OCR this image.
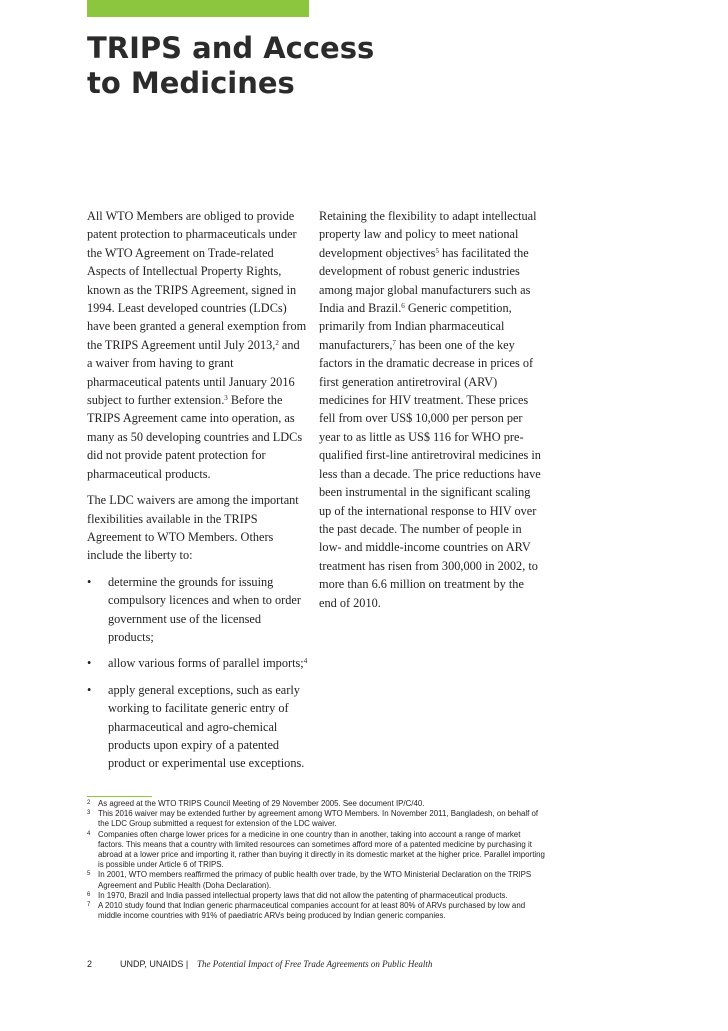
TRIPS and Access
to Medicines

All WTO Members are obliged to provide patent protection to pharmaceuticals under the WTO Agreement on Trade-related Aspects of Intellectual Property Rights, known as the TRIPS Agreement, signed in 1994. Least developed countries (LDCs) have been granted a general exemption from the TRIPS Agreement until July 2013,$^2$ and a waiver from having to grant pharmaceutical patents until January 2016 subject to further extension.$^3$ Before the TRIPS Agreement came into operation, as many as 50 developing countries and LDCs did not provide patent protection for pharmaceutical products.

The LDC waivers are among the important flexibilities available in the TRIPS Agreement to WTO Members. Others include the liberty to:

• determine the grounds for issuing compulsory licences and when to order government use of the licensed products;
• allow various forms of parallel imports;$^4$
• apply general exceptions, such as early working to facilitate generic entry of pharmaceutical and agro-chemical products upon expiry of a patented product or experimental use exceptions.

Retaining the flexibility to adapt intellectual property law and policy to meet national development objectives$^5$ has facilitated the development of robust generic industries among major global manufacturers such as India and Brazil.$^6$ Generic competition, primarily from Indian pharmaceutical manufacturers,$^7$ has been one of the key factors in the dramatic decrease in prices of first generation antiretroviral (ARV) medicines for HIV treatment. These prices fell from over US$ 10,000 per person per year to as little as US$ 116 for WHO pre-qualified first-line antiretroviral medicines in less than a decade. The price reductions have been instrumental in the significant scaling up of the international response to HIV over the past decade. The number of people in low- and middle-income countries on ARV treatment has risen from 300,000 in 2002, to more than 6.6 million on treatment by the end of 2010.

2 As agreed at the WTO TRIPS Council Meeting of 29 November 2005. See document IP/C/40.
3 This 2016 waiver may be extended further by agreement among WTO Members. In November 2011, Bangladesh, on behalf of the LDC Group submitted a request for extension of the LDC waiver.
4 Companies often charge lower prices for a medicine in one country than in another, taking into account a range of market factors. This means that a country with limited resources can sometimes afford more of a patented medicine by purchasing it abroad at a lower price and importing it, rather than buying it directly in its domestic market at the higher price. Parallel importing is possible under Article 6 of TRIPS.
5 In 2001, WTO members reaffirmed the primacy of public health over trade, by the WTO Ministerial Declaration on the TRIPS Agreement and Public Health (Doha Declaration).
6 In 1970, Brazil and India passed intellectual property laws that did not allow the patenting of pharmaceutical products.
7 A 2010 study found that Indian generic pharmaceutical companies account for at least 80% of ARVs purchased by low and middle income countries with 91% of paediatric ARVs being produced by Indian generic companies.
2	UNDP, UNAIDS | The Potential Impact of Free Trade Agreements on Public Health
